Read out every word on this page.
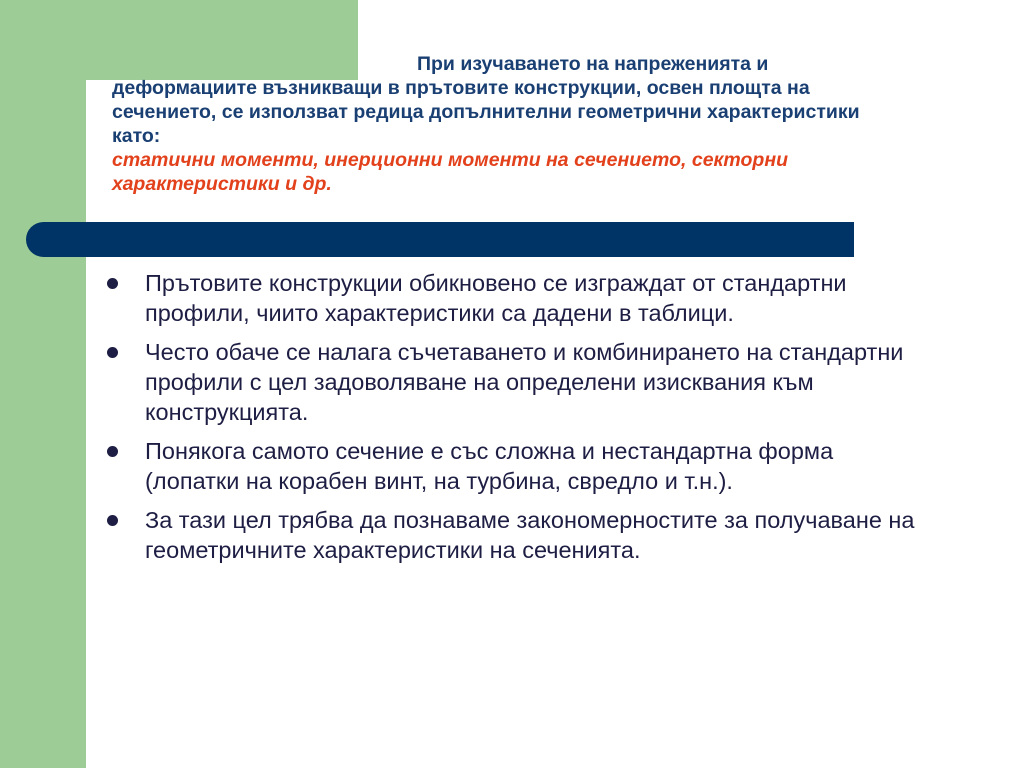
При изучаването на напреженията и
деформациите възникващи в прътовите конструкции, освен площта на сечението, се използват редица допълнителни геометрични характеристики като:
статични моменти, инерционни моменти на сечението, секторни характеристики и др.
Прътовите конструкции обикновено се изграждат от стандартни профили, чиито характеристики са дадени в таблици.
Често обаче се налага съчетаването и комбинирането на стандартни профили с цел задоволяване на определени изисквания към конструкцията.
Понякога самото сечение е със сложна и нестандартна форма (лопатки на корабен винт, на турбина, свредло и т.н.).
За тази цел трябва да познаваме закономерностите за получаване на геометричните характеристики на сеченията.
